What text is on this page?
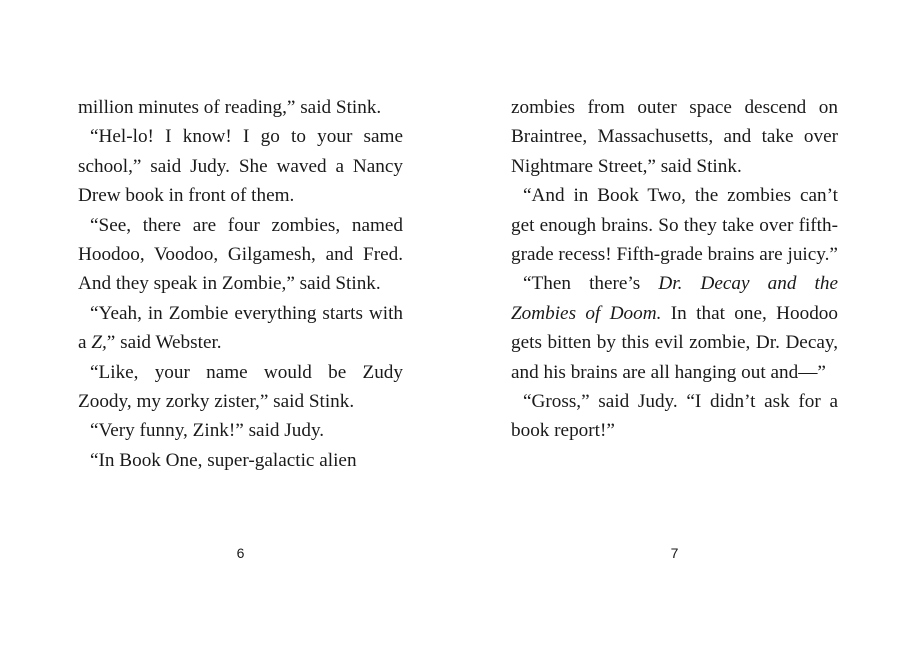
million minutes of reading,” said Stink.

“Hel-lo! I know! I go to your same school,” said Judy. She waved a Nancy Drew book in front of them.

“See, there are four zombies, named Hoodoo, Voodoo, Gilgamesh, and Fred. And they speak in Zombie,” said Stink.

“Yeah, in Zombie everything starts with a Z,” said Webster.

“Like, your name would be Zudy Zoody, my zorky zister,” said Stink.

“Very funny, Zink!” said Judy.

“In Book One, super-galactic alien

6

zombies from outer space descend on Braintree, Massachusetts, and take over Nightmare Street,” said Stink.

“And in Book Two, the zombies can’t get enough brains. So they take over fifth-grade recess! Fifth-grade brains are juicy.”

“Then there’s Dr. Decay and the Zombies of Doom. In that one, Hoodoo gets bitten by this evil zombie, Dr. Decay, and his brains are all hanging out and—”

“Gross,” said Judy. “I didn’t ask for a book report!”

7
